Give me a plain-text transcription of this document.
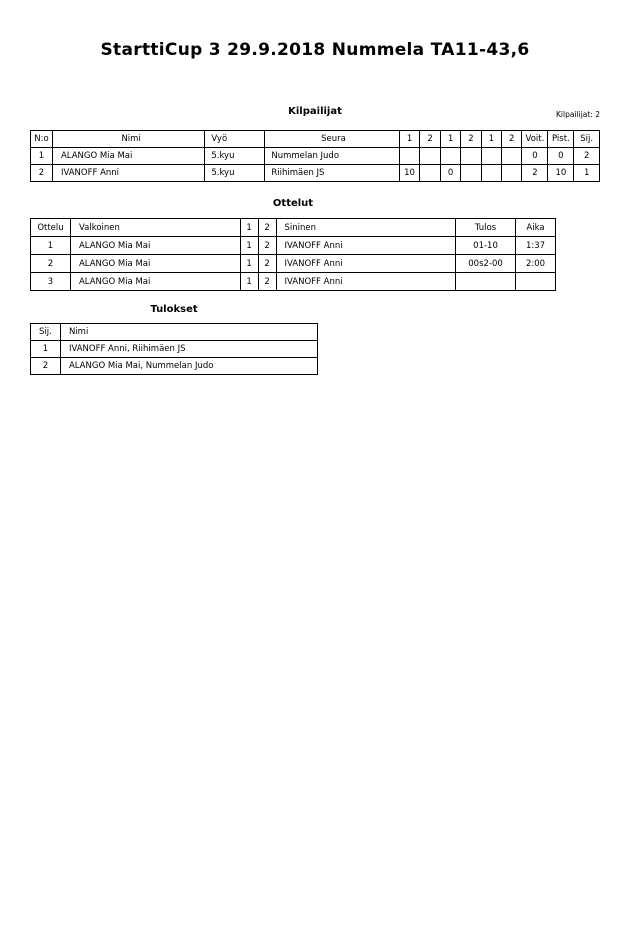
StarttiCup 3 29.9.2018 Nummela TA11-43,6
Kilpailijat	Kilpailijat: 2
N:o	Nimi	Vyö	Seura	1	2	1	2	1	2	Voit.	Pist.	Sij.
1	ALANGO Mia Mai	5.kyu	Nummelan Judo							0	0	2
2	IVANOFF Anni	5.kyu	Riihimäen JS	10		0				2	10	1
Ottelut
Ottelu	Valkoinen	1	2	Sininen	Tulos	Aika
1	ALANGO Mia Mai	1	2	IVANOFF Anni	01-10	1:37
2	ALANGO Mia Mai	1	2	IVANOFF Anni	00s2-00	2:00
3	ALANGO Mia Mai	1	2	IVANOFF Anni		
Tulokset
Sij.	Nimi
1	IVANOFF Anni, Riihimäen JS
2	ALANGO Mia Mai, Nummelan Judo
